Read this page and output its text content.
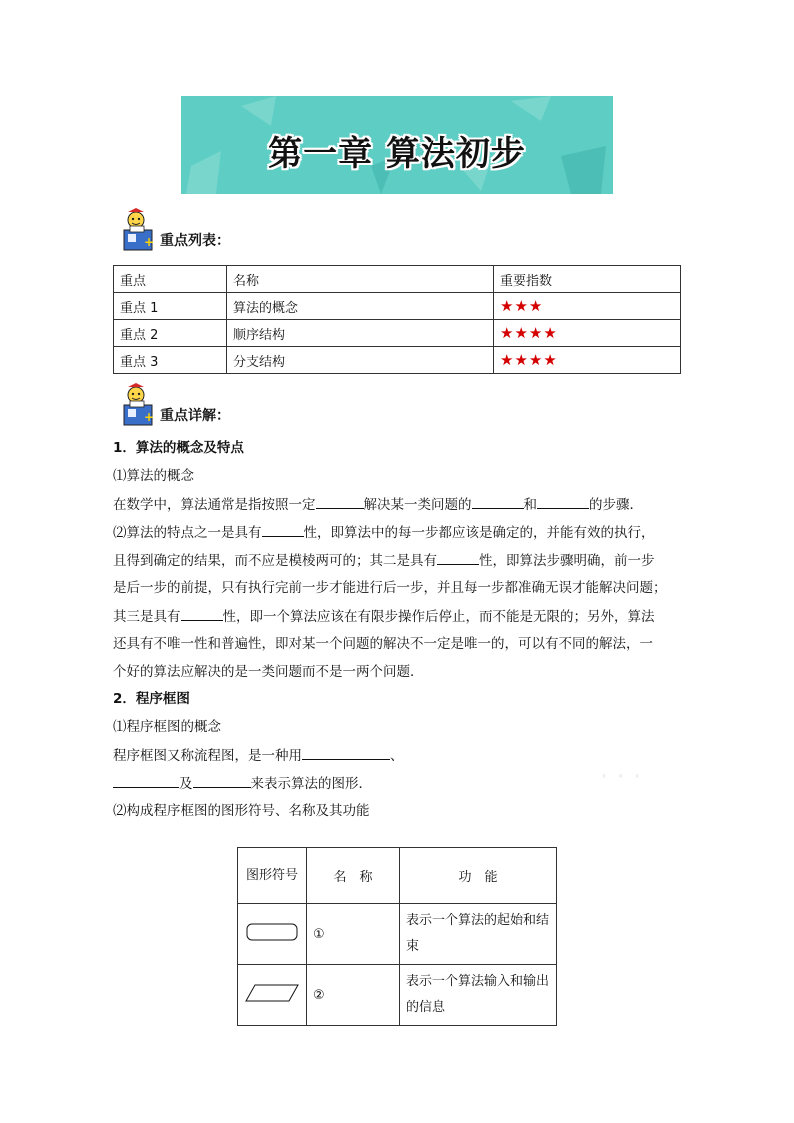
第一章 算法初步
+ 重点列表：
重点	名称	重要指数
重点 1	算法的概念	★★★
重点 2	顺序结构	★★★★
重点 3	分支结构	★★★★
+ 重点详解：
1．算法的概念及特点
⑴算法的概念
在数学中，算法通常是指按照一定	解决某一类问题的	和	的步骤．
⑵算法的特点之一是具有	性，即算法中的每一步都应该是确定的，并能有效的执行，
且得到确定的结果，而不应是模棱两可的；其二是具有	性，即算法步骤明确，前一步
是后一步的前提，只有执行完前一步才能进行后一步，并且每一步都准确无误才能解决问题；
其三是具有	性，即一个算法应该在有限步操作后停止，而不能是无限的；另外，算法
还具有不唯一性和普遍性，即对某一个问题的解决不一定是唯一的，可以有不同的解法，一
个好的算法应解决的是一类问题而不是一两个问题．
2．程序框图
⑴程序框图的概念
程序框图又称流程图，是一种用	、
及	来表示算法的图形．
⑵构成程序框图的图形符号、名称及其功能
· · ·
图形符号	名　称	功　能
	①	表示一个算法的起始和结束
	②	表示一个算法输入和输出的信息
